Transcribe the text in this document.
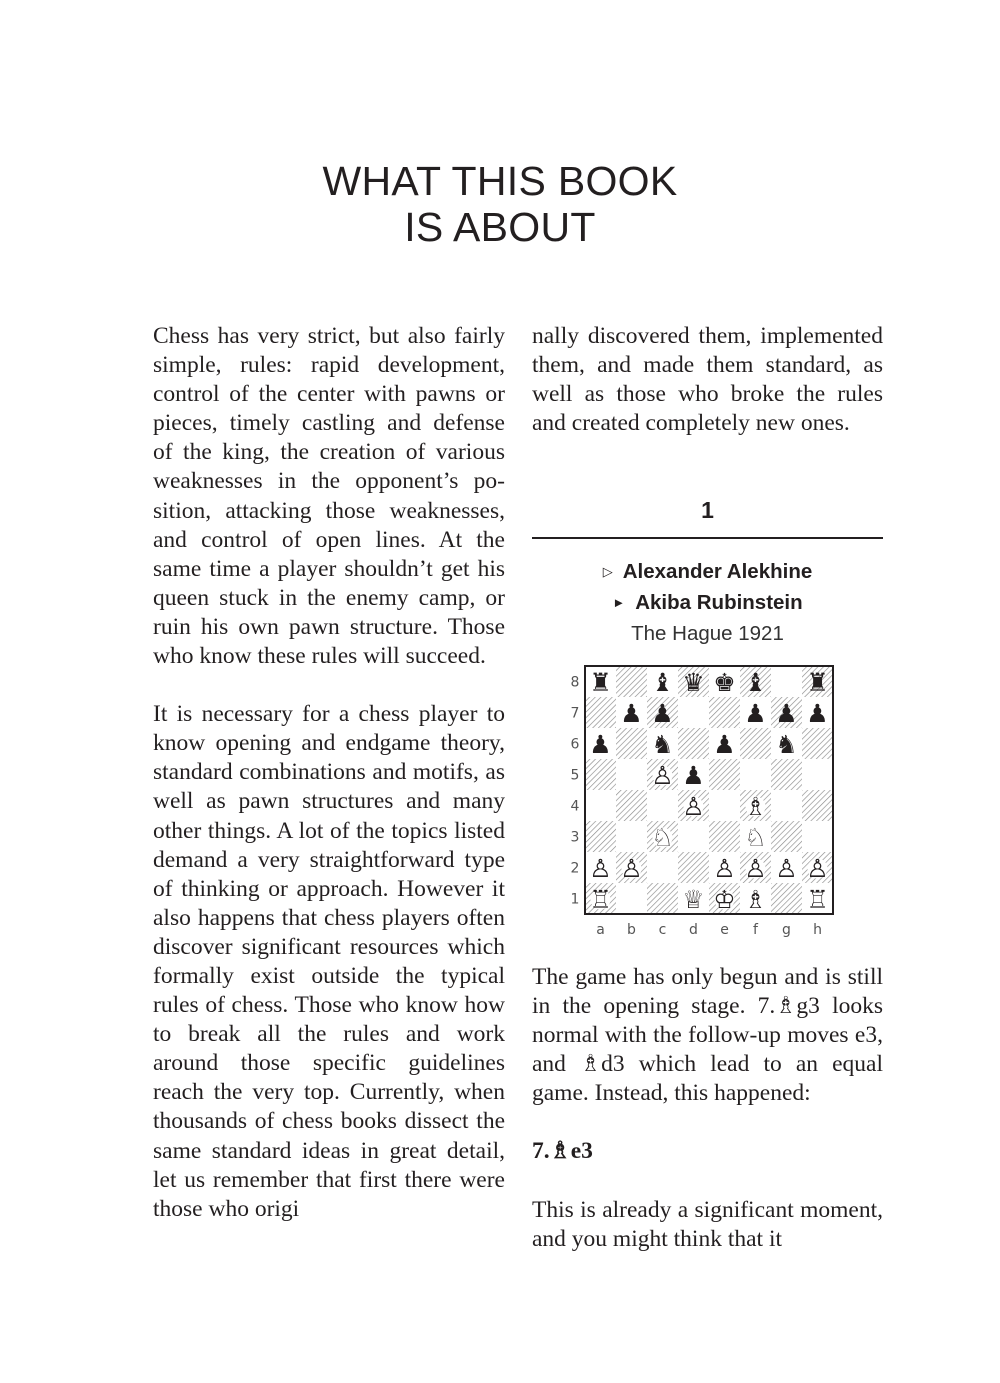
WHAT THIS BOOK
IS ABOUT

Chess has very strict, but also fairly simple, rules: rapid development, control of the center with pawns or pieces, timely castling and defense of the king, the creation of various weaknesses in the opponent’s position, attacking those weaknesses, and control of open lines. At the same time a player shouldn’t get his queen stuck in the enemy camp, or ruin his own pawn structure. Those who know these rules will succeed.

It is necessary for a chess player to know opening and endgame theory, standard combinations and motifs, as well as pawn structures and many other things. A lot of the topics listed demand a very straightforward type of thinking or approach. However it also happens that chess players often discover significant resources which formally exist outside the typical rules of chess. Those who know how to break all the rules and work around those specific guidelines reach the very top. Currently, when thousands of chess books dissect the same standard ideas in great detail, let us remember that first there were those who origi

nally discovered them, implemented them, and made them standard, as well as those who broke the rules and created completely new ones.

1
▷ Alexander Alekhine
► Akiba Rubinstein
The Hague 1921
♜ ♝ ♛ ♚ ♝ ♜
♟ ♟	♟ ♟ ♟
♟ ♞ ♟ ♞
♙ ♟
♙ ♗
♘	♘
♙ ♙	♙ ♙ ♙ ♙
♖	♕ ♔ ♗ ♖
8
7
6
5
4
3
2
1
a b c d e f g h

The game has only begun and is still in the opening stage. 7.♗g3 looks normal with the follow-up moves e3, and ♗d3 which lead to an equal game. Instead, this happened:

7.♗e3

This is already a significant moment, and you might think that it
